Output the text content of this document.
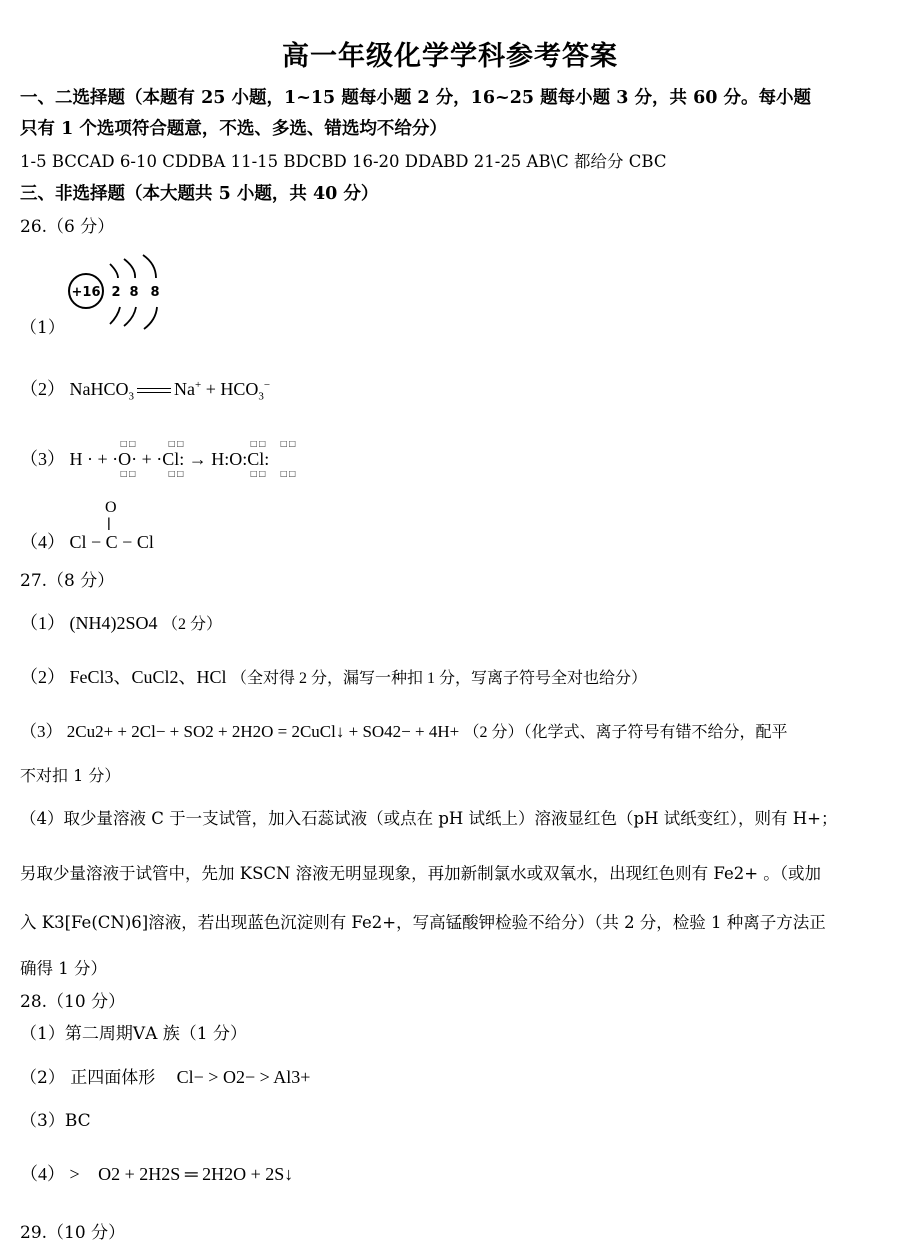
高一年级化学学科参考答案
一、二选择题（本题有 25 小题，1~15 题每小题 2 分，16~25 题每小题 3 分，共 60 分。每小题
只有 1 个选项符合题意，不选、多选、错选均不给分）
1-5 BCCAD 6-10 CDDBA 11-15 BDCBD 16-20 DDABD 21-25 AB\C 都给分 CBC
三、非选择题（本大题共 5 小题，共 40 分）
26.（6 分）
（1）
+16 2 8 8
（2） NaHCO$_3$ $Na^+ + HCO_3^-$
□□	□□	□□ □□
（3） H · + ·O· + ·Cl: → H:O:Cl:
□□	□□	□□ □□
O
||
（4） Cl − C − Cl
27.（8 分）
（1） (NH4)2SO4 （2 分）
（2） FeCl3、CuCl2、HCl （全对得 2 分，漏写一种扣 1 分，写离子符号全对也给分）
（3） 2Cu2+ + 2Cl− + SO2 + 2H2O = 2CuCl↓ + SO42− + 4H+ （2 分）（化学式、离子符号有错不给分，配平
不对扣 1 分）
（4）取少量溶液 C 于一支试管，加入石蕊试液（或点在 pH 试纸上）溶液显红色（pH 试纸变红），则有 H+；
另取少量溶液于试管中，先加 KSCN 溶液无明显现象，再加新制氯水或双氧水，出现红色则有 Fe2+ 。（或加
入 K3[Fe(CN)6]溶液，若出现蓝色沉淀则有 Fe2+，写高锰酸钾检验不给分）（共 2 分，检验 1 种离子方法正
确得 1 分）
28.（10 分）
（1）第二周期ⅤA 族（1 分）
（2） 正四面体形 Cl− > O2− > Al3+
（3）BC
（4） > O2 + 2H2S ═ 2H2O + 2S↓
29.（10 分）
